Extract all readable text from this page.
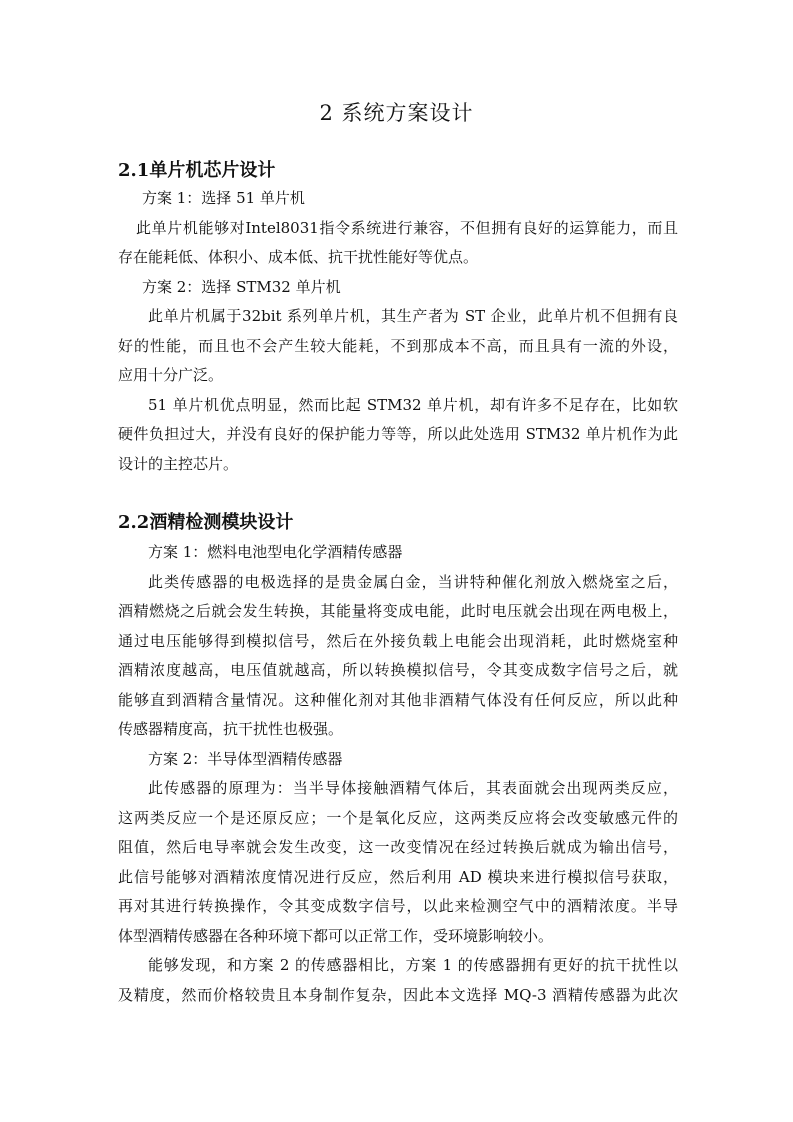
2 系统方案设计
2.1单片机芯片设计
方案 1：选择 51 单片机
此单片机能够对Intel8031指令系统进行兼容，不但拥有良好的运算能力，而且
存在能耗低、体积小、成本低、抗干扰性能好等优点。
方案 2：选择 STM32 单片机
此单片机属于32bit 系列单片机，其生产者为 ST 企业，此单片机不但拥有良
好的性能，而且也不会产生较大能耗，不到那成本不高，而且具有一流的外设，
应用十分广泛。
51 单片机优点明显，然而比起 STM32 单片机，却有许多不足存在，比如软
硬件负担过大，并没有良好的保护能力等等，所以此处选用 STM32 单片机作为此
设计的主控芯片。
2.2酒精检测模块设计
方案 1：燃料电池型电化学酒精传感器
此类传感器的电极选择的是贵金属白金，当讲特种催化剂放入燃烧室之后，
酒精燃烧之后就会发生转换，其能量将变成电能，此时电压就会出现在两电极上，
通过电压能够得到模拟信号，然后在外接负载上电能会出现消耗，此时燃烧室种
酒精浓度越高，电压值就越高，所以转换模拟信号，令其变成数字信号之后，就
能够直到酒精含量情况。这种催化剂对其他非酒精气体没有任何反应，所以此种
传感器精度高，抗干扰性也极强。
方案 2：半导体型酒精传感器
此传感器的原理为：当半导体接触酒精气体后，其表面就会出现两类反应，
这两类反应一个是还原反应；一个是氧化反应，这两类反应将会改变敏感元件的
阻值，然后电导率就会发生改变，这一改变情况在经过转换后就成为输出信号，
此信号能够对酒精浓度情况进行反应，然后利用 AD 模块来进行模拟信号获取，
再对其进行转换操作，令其变成数字信号，以此来检测空气中的酒精浓度。半导
体型酒精传感器在各种环境下都可以正常工作，受环境影响较小。
能够发现，和方案 2 的传感器相比，方案 1 的传感器拥有更好的抗干扰性以
及精度，然而价格较贵且本身制作复杂，因此本文选择 MQ-3 酒精传感器为此次
